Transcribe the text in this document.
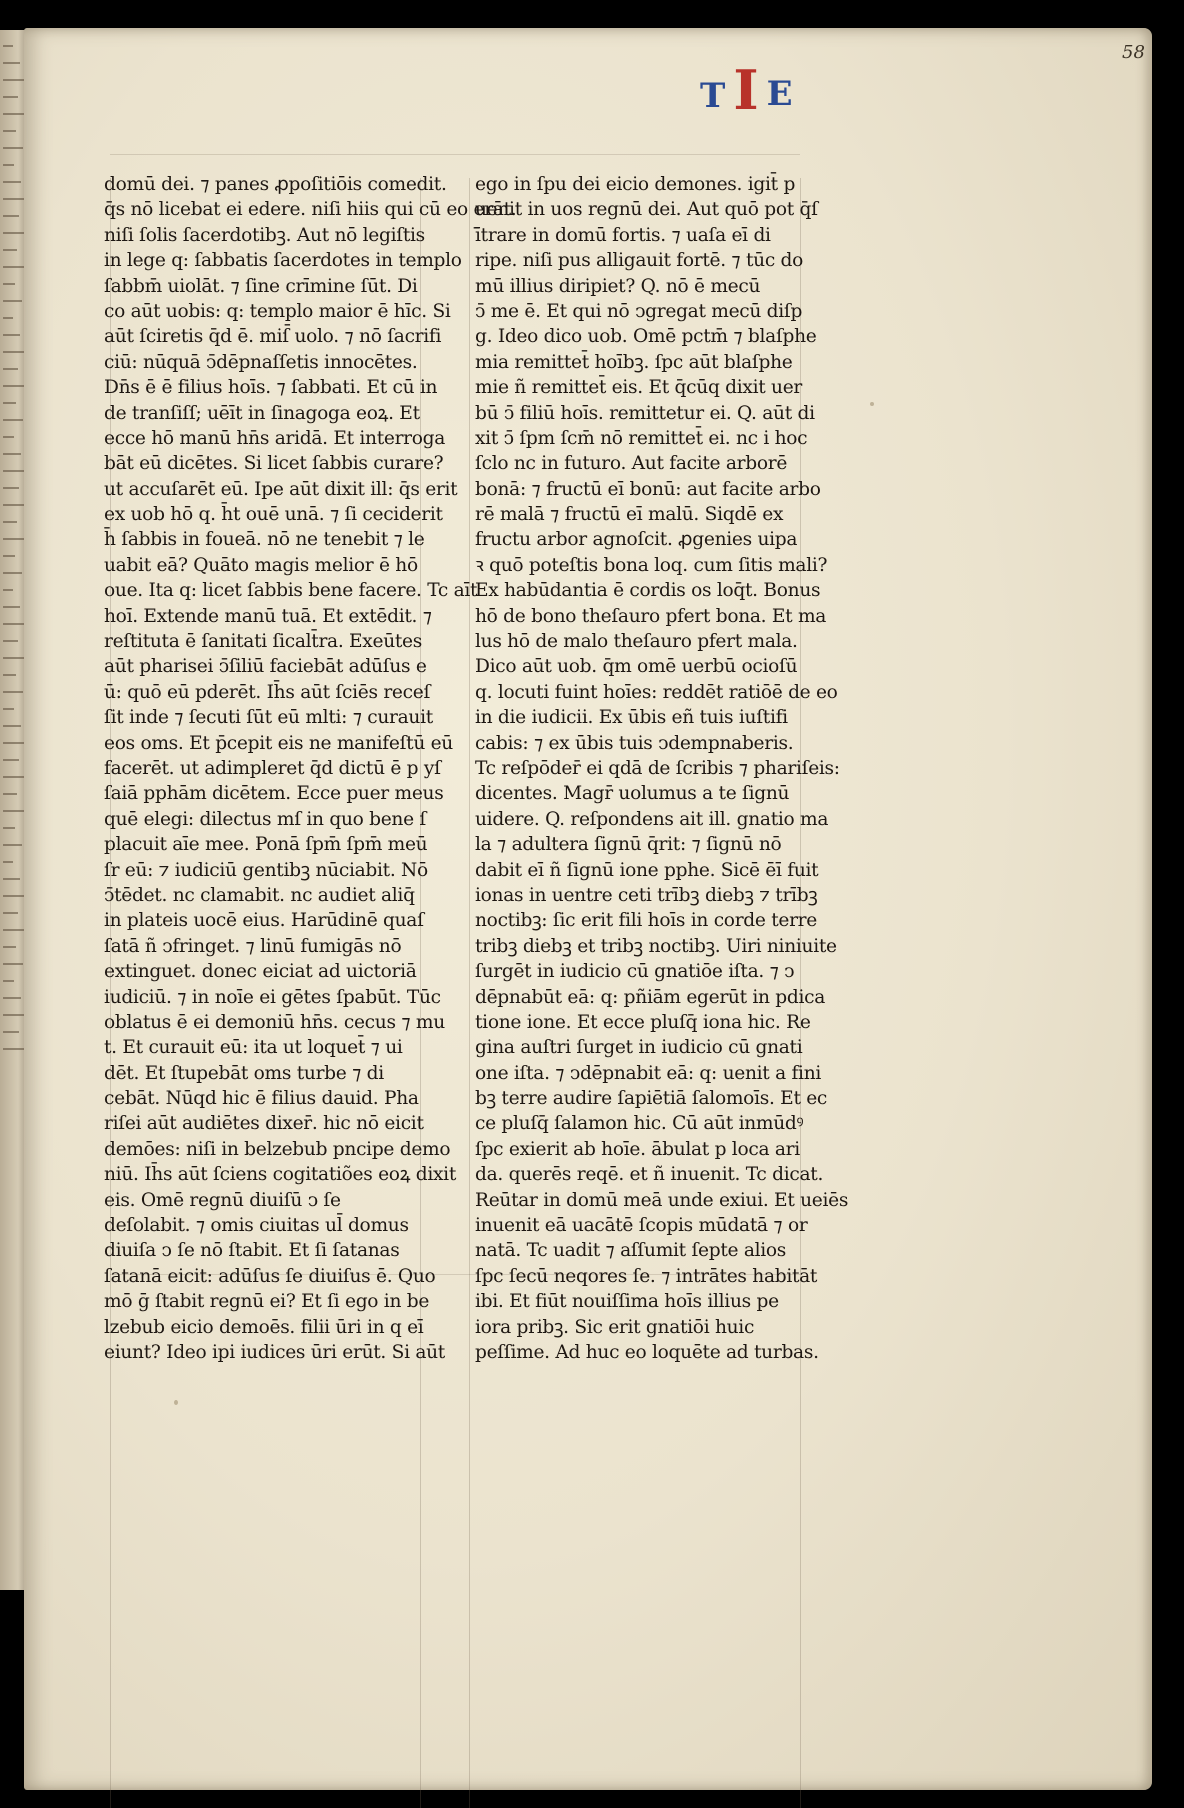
58
T I E
domū dei. ⁊ panes ꝓpoſitiōis comedit.
q̄s nō licebat ei edere. niſi hiis qui cū eo erāt.
niſi ſolis ſacerdotibꝫ. Aut nō legiſtis
in lege q: ſabbatis ſacerdotes in templo
ſabbm̄ uiolāt. ⁊ ſine crīmine ſūt. Di
co aūt uobis: q: templo maior ē hīc. Si
aūt ſciretis q̄d ē. miſ̄ uolo. ⁊ nō ſacrifi
ciū: nūquā ↄ̄dēpnaſſetis innocētes.
Dn̄s ē ē filius hoīs. ⁊ ſabbati. Et cū in
de tranſiſſ; uēīt in ſinagoga eoꝝ. Et
ecce hō manū hn̄s aridā. Et interroga
bāt eū dicētes. Si licet ſabbis curare?
ut accuſarēt eū. Ipe aūt dixit ill: q̄s erit
ex uob hō q. h̄t ouē unā. ⁊ ſi ceciderit
h̄ ſabbis in foueā. nō ne tenebit ⁊ le
uabit eā? Quāto magis melior ē hō
oue. Ita q: licet ſabbis bene facere. Tc aīt
hoī. Extende manū tuā. Et extēdit. ⁊
reſtituta ē ſanitati ſicalt̄ra. Exeūtes
aūt pharisei ↄ̄ſiliū faciebāt adūſus e
ū: quō eū pderēt. Ih̄s aūt ſciēs receſ
ſit inde ⁊ ſecuti ſūt eū mlti: ⁊ curauit
eos oms. Et p̄cepit eis ne manifeſtū eū
facerēt. ut adimpleret q̄d dictū ē p yſ
ſaiā pphām dicētem. Ecce puer meus
quē elegi: dilectus mſ in quo bene ſ
placuit aīe mee. Ponā ſpm̄ ſpm̄ meū
ſr eū: ⁊ iudiciū gentibꝫ nūciabit. Nō
ↄ̄tēdet. nc clamabit. nc audiet aliq̄
in plateis uocē eius. Harūdinē quaſ
ſatā ñ ↄfringet. ⁊ linū fumigās nō
extinguet. donec eiciat ad uictoriā
iudiciū. ⁊ in noīe ei gētes ſpabūt. Tūc
oblatus ē ei demoniū hn̄s. cecus ⁊ mu
t. Et curauit eū: ita ut loquet̄ ⁊ ui
dēt. Et ſtupebāt oms turbe ⁊ di
cebāt. Nūqd hic ē filius dauid. Pha
riſei aūt audiētes dixer̄. hic nō eicit
demōes: niſi in belzebub pncipe demo
niū. Ih̄s aūt ſciens cogitatiões eoꝝ dixit
eis. Omē regnū diuiſū ↄ ſe
deſolabit. ⁊ omis ciuitas ul̄ domus
diuiſa ↄ ſe nō ſtabit. Et ſi ſatanas
ſatanā eicit: adūſus ſe diuiſus ē. Quo
mō ḡ ſtabit regnū ei? Et ſi ego in be
lzebub eicio demoēs. filii ūri in q eī
eiunt? Ideo ipi iudices ūri erūt. Si aūt
ego in ſpu dei eicio demones. igit̄ p
uenit in uos regnū dei. Aut quō pot q̄ſ
ī̄trare in domū fortis. ⁊ uaſa eī di
ripe. niſi pus alligauit fortē. ⁊ tūc do
mū illius diripiet? Q. nō ē mecū
ↄ̄ me ē. Et qui nō ↄgregat mecū diſp
g. Ideo dico uob. Omē pctm̄ ⁊ blaſphe
mia remittet̄ hoībꝫ. ſpc aūt blaſphe
mie ñ remittet̄ eis. Et q̄cūq dixit uer
bū ↄ̄ filiū hoīs. remittetur ei. Q. aūt di
xit ↄ̄ ſpm ſcm̄ nō remittet̄ ei. nc i hoc
ſclo nc in futuro. Aut facite arborē
bonā: ⁊ fructū eī bonū: aut facite arbo
rē malā ⁊ fructū eī malū. Siqdē ex
fructu arbor agnoſcit. ꝓgenies uipa
ꝛ quō poteſtis bona loq. cum ſitis mali?
Ex habūdantia ē cordis os loq̄t. Bonus
hō de bono theſauro pfert bona. Et ma
lus hō de malo theſauro pfert mala.
Dico aūt uob. q̄m omē uerbū ocioſū
q. locuti fuint hoīes: reddēt ratiōē de eo
in die iudicii. Ex ūbis eñ tuis iuſtifi
cabis: ⁊ ex ūbis tuis ↄdempnaberis.
Tc reſpōder̄ ei qdā de ſcribis ⁊ phariſeis:
dicentes. Magr̄ uolumus a te ſignū
uidere. Q. reſpondens ait ill. gnatio ma
la ⁊ adultera ſignū q̄rit: ⁊ ſignū nō
dabit eī ñ ſignū ione pphe. Sicē ēī fuit
ionas in uentre ceti trībꝫ diebꝫ ⁊ trībꝫ
noctibꝫ: ſic erit fili hoīs in corde terre
tribꝫ diebꝫ et tribꝫ noctibꝫ. Uiri niniuite
ſurgēt in iudicio cū gnatiōe iſta. ⁊ ↄ
dēpnabūt eā: q: pñiām egerūt in pdica
tione ione. Et ecce pluſq̄ iona hic. Re
gina auſtri ſurget in iudicio cū gnati
one iſta. ⁊ ↄdēpnabit eā: q: uenit a fini
bꝫ terre audire ſapiētiā ſalomoīs. Et ec
ce pluſq̄ ſalamon hic. Cū aūt inmūdꝰ
ſpc exierit ab hoīe. ābulat p loca ari
da. querēs reqē. et ñ inuenit. Tc dicat.
Reūtar in domū meā unde exiui. Et ueiēs
inuenit eā uacātē ſcopis mūdatā ⁊ or
natā. Tc uadit ⁊ aſſumit ſepte alios
ſpc ſecū neqores ſe. ⁊ intrātes habitāt
ibi. Et fiūt nouiſſima hoīs illius pe
iora pribꝫ. Sic erit gnatiōi huic
peſſime. Ad huc eo loquēte ad turbas.
